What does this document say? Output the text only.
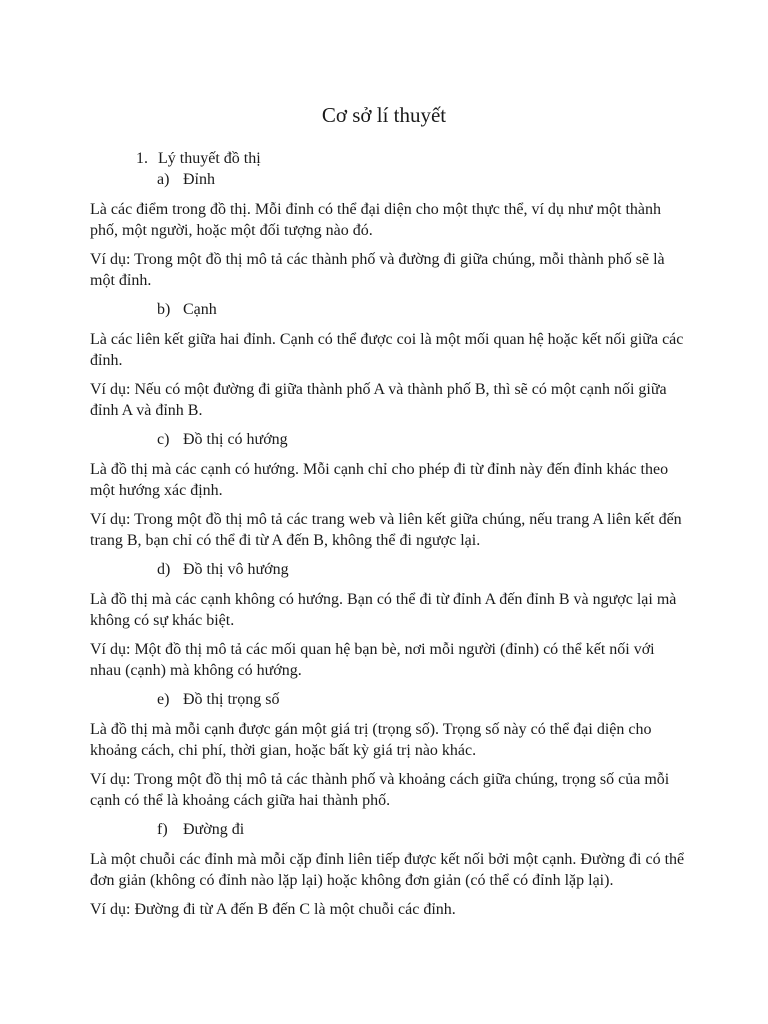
Cơ sở lí thuyết
1. Lý thuyết đồ thị
a) Đỉnh

Là các điểm trong đồ thị. Mỗi đỉnh có thể đại diện cho một thực thể, ví dụ như một thành phố, một người, hoặc một đối tượng nào đó.

Ví dụ: Trong một đồ thị mô tả các thành phố và đường đi giữa chúng, mỗi thành phố sẽ là một đỉnh.

b) Cạnh

Là các liên kết giữa hai đỉnh. Cạnh có thể được coi là một mối quan hệ hoặc kết nối giữa các đỉnh.

Ví dụ: Nếu có một đường đi giữa thành phố A và thành phố B, thì sẽ có một cạnh nối giữa đỉnh A và đỉnh B.

c) Đồ thị có hướng

Là đồ thị mà các cạnh có hướng. Mỗi cạnh chỉ cho phép đi từ đỉnh này đến đỉnh khác theo một hướng xác định.

Ví dụ: Trong một đồ thị mô tả các trang web và liên kết giữa chúng, nếu trang A liên kết đến trang B, bạn chỉ có thể đi từ A đến B, không thể đi ngược lại.

d) Đồ thị vô hướng

Là đồ thị mà các cạnh không có hướng. Bạn có thể đi từ đỉnh A đến đỉnh B và ngược lại mà không có sự khác biệt.

Ví dụ: Một đồ thị mô tả các mối quan hệ bạn bè, nơi mỗi người (đỉnh) có thể kết nối với nhau (cạnh) mà không có hướng.

e) Đồ thị trọng số

Là đồ thị mà mỗi cạnh được gán một giá trị (trọng số). Trọng số này có thể đại diện cho khoảng cách, chi phí, thời gian, hoặc bất kỳ giá trị nào khác.

Ví dụ: Trong một đồ thị mô tả các thành phố và khoảng cách giữa chúng, trọng số của mỗi cạnh có thể là khoảng cách giữa hai thành phố.

f) Đường đi

Là một chuỗi các đỉnh mà mỗi cặp đỉnh liên tiếp được kết nối bởi một cạnh. Đường đi có thể đơn giản (không có đỉnh nào lặp lại) hoặc không đơn giản (có thể có đỉnh lặp lại).

Ví dụ: Đường đi từ A đến B đến C là một chuỗi các đỉnh.
